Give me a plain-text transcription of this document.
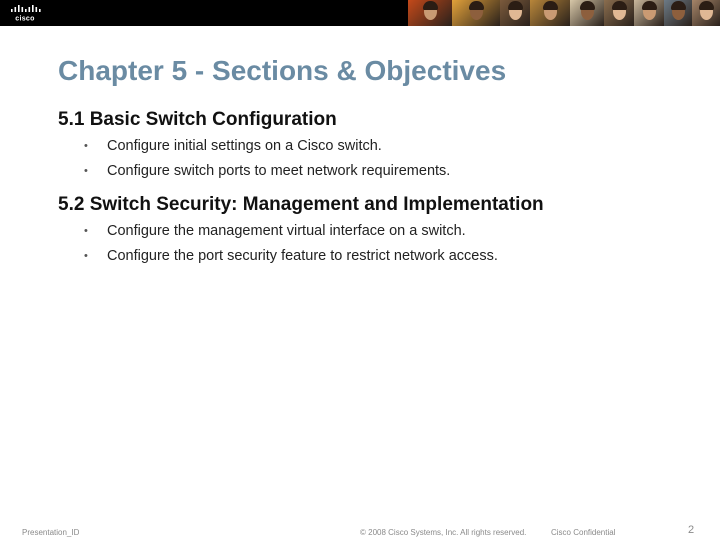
cisco
Chapter 5 - Sections & Objectives
5.1 Basic Switch Configuration
• Configure initial settings on a Cisco switch.
• Configure switch ports to meet network requirements.
5.2 Switch Security: Management and Implementation
• Configure the management virtual interface on a switch.
• Configure the port security feature to restrict network access.
Presentation_ID	© 2008 Cisco Systems, Inc. All rights reserved.	Cisco Confidential	2
